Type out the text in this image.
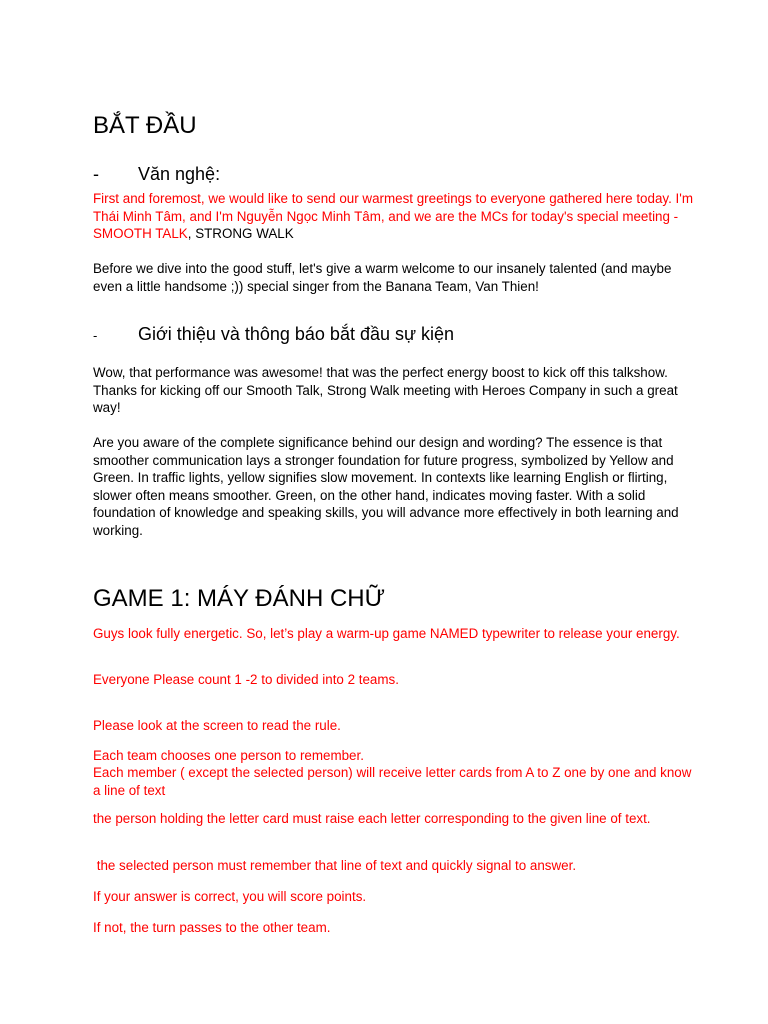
BẮT ĐẦU
- Văn nghệ:

First and foremost, we would like to send our warmest greetings to everyone gathered here today. I'm Thái Minh Tâm, and I'm Nguyễn Ngọc Minh Tâm, and we are the MCs for today's special meeting - SMOOTH TALK, STRONG WALK

Before we dive into the good stuff, let's give a warm welcome to our insanely talented (and maybe even a little handsome ;)) special singer from the Banana Team, Van Thien!

- Giới thiệu và thông báo bắt đầu sự kiện

Wow, that performance was awesome! that was the perfect energy boost to kick off this talkshow. Thanks for kicking off our Smooth Talk, Strong Walk meeting with Heroes Company in such a great way!

Are you aware of the complete significance behind our design and wording? The essence is that smoother communication lays a stronger foundation for future progress, symbolized by Yellow and Green. In traffic lights, yellow signifies slow movement. In contexts like learning English or flirting, slower often means smoother. Green, on the other hand, indicates moving faster. With a solid foundation of knowledge and speaking skills, you will advance more effectively in both learning and working.

GAME 1: MÁY ĐÁNH CHỮ

Guys look fully energetic. So, let’s play a warm-up game NAMED typewriter to release your energy.

Everyone Please count 1 -2 to divided into 2 teams.

Please look at the screen to read the rule.

Each team chooses one person to remember.

Each member ( except the selected person) will receive letter cards from A to Z one by one and know a line of text

the person holding the letter card must raise each letter corresponding to the given line of text.

the selected person must remember that line of text and quickly signal to answer.

If your answer is correct, you will score points.

If not, the turn passes to the other team.
